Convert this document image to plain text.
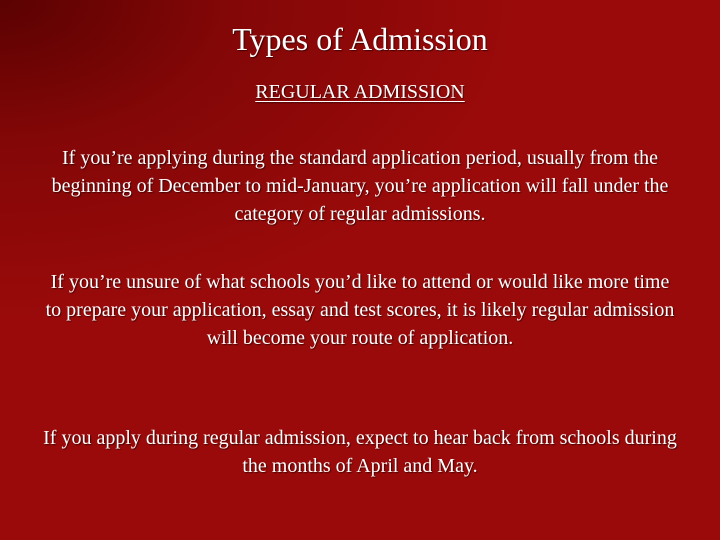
Types of Admission

REGULAR ADMISSION

If you’re applying during the standard application period, usually from the beginning of December to mid-January, you’re application will fall under the category of regular admissions.

If you’re unsure of what schools you’d like to attend or would like more time to prepare your application, essay and test scores, it is likely regular admission will become your route of application.

If you apply during regular admission, expect to hear back from schools during the months of April and May.
